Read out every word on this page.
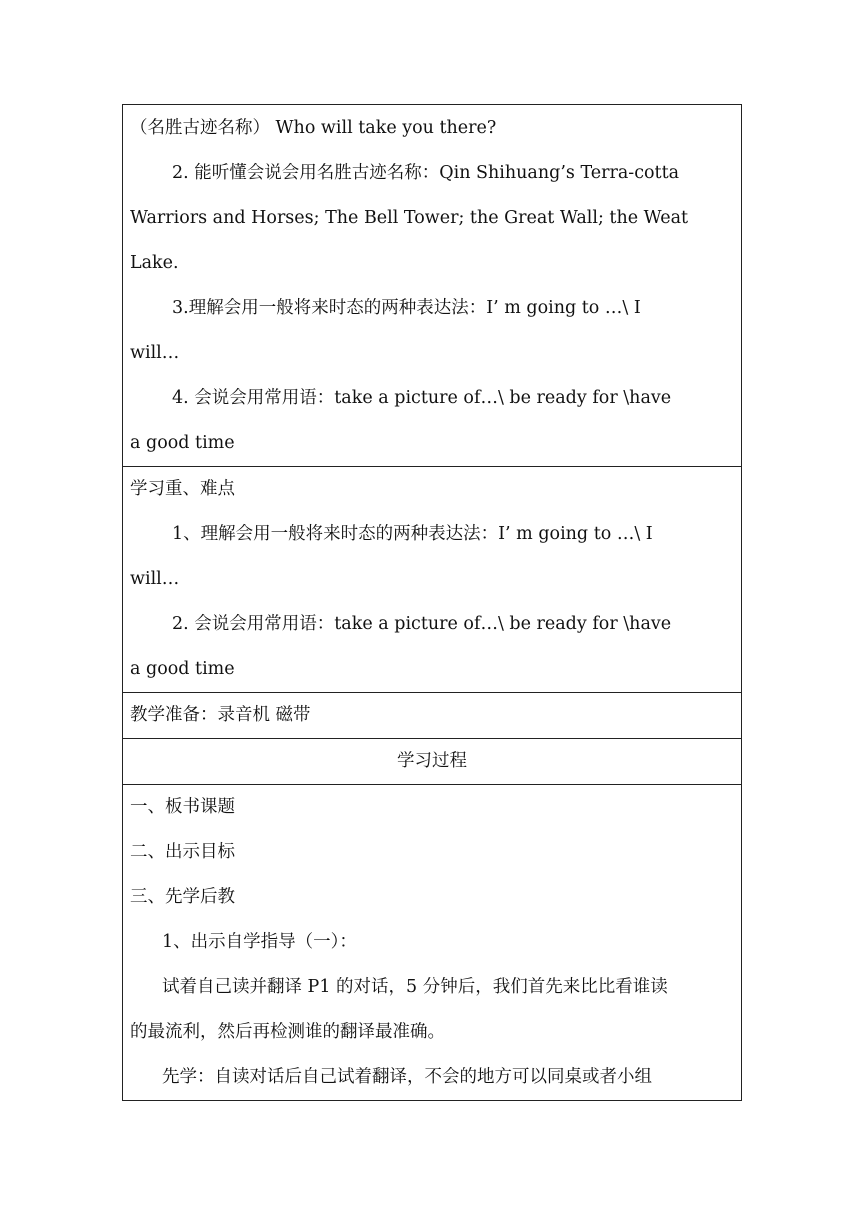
（名胜古迹名称） Who will take you there?
2. 能听懂会说会用名胜古迹名称：Qin Shihuang’s Terra-cotta
Warriors and Horses; The Bell Tower; the Great Wall; the Weat
Lake.
3.理解会用一般将来时态的两种表达法：I’ m going to …\ I
will…
4. 会说会用常用语：take a picture of…\ be ready for \have
a good time
学习重、难点
1、理解会用一般将来时态的两种表达法：I’ m going to …\ I
will…
2. 会说会用常用语：take a picture of…\ be ready for \have
a good time
教学准备：录音机 磁带
学习过程
一、板书课题
二、出示目标
三、先学后教
1、出示自学指导（一）：
试着自己读并翻译 P1 的对话，5 分钟后，我们首先来比比看谁读
的最流利，然后再检测谁的翻译最准确。
先学：自读对话后自己试着翻译，不会的地方可以同桌或者小组
